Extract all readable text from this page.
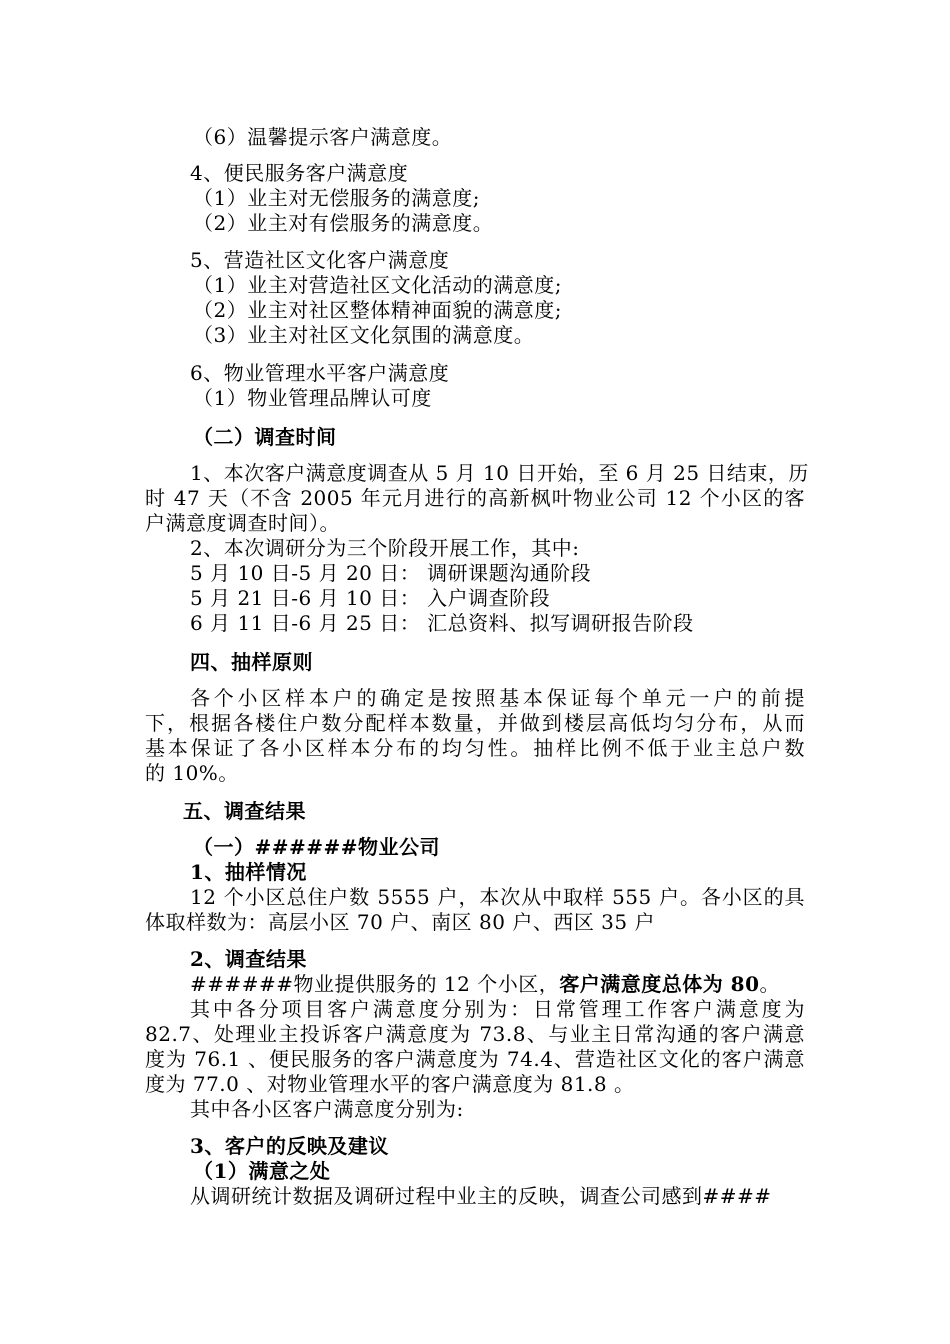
（6）温馨提示客户满意度。
4、便民服务客户满意度
（1）业主对无偿服务的满意度;
（2）业主对有偿服务的满意度。
5、营造社区文化客户满意度
（1）业主对营造社区文化活动的满意度;
（2）业主对社区整体精神面貌的满意度;
（3）业主对社区文化氛围的满意度。
6、物业管理水平客户满意度
（1）物业管理品牌认可度
（二）调查时间
1、本次客户满意度调查从 5 月 10 日开始，至 6 月 25 日结束，历
时 47 天（不含 2005 年元月进行的高新枫叶物业公司 12 个小区的客
户满意度调查时间）。
2、本次调研分为三个阶段开展工作，其中:
5 月 10 日-5 月 20 日： 调研课题沟通阶段
5 月 21 日-6 月 10 日： 入户调查阶段
6 月 11 日-6 月 25 日： 汇总资料、拟写调研报告阶段
四、抽样原则
各个小区样本户的确定是按照基本保证每个单元一户的前提
下，根据各楼住户数分配样本数量，并做到楼层高低均匀分布，从而
基本保证了各小区样本分布的均匀性。抽样比例不低于业主总户数
的 10%。
五、调查结果
（一）######物业公司
1、抽样情况
12 个小区总住户数 5555 户，本次从中取样 555 户。各小区的具
体取样数为：高层小区 70 户、南区 80 户、西区 35 户
2、调查结果
######物业提供服务的 12 个小区，客户满意度总体为 80。
其中各分项目客户满意度分别为：日常管理工作客户满意度为
82.7、处理业主投诉客户满意度为 73.8、与业主日常沟通的客户满意
度为 76.1 、便民服务的客户满意度为 74.4、营造社区文化的客户满意
度为 77.0 、对物业管理水平的客户满意度为 81.8 。
其中各小区客户满意度分别为:
3、客户的反映及建议
（1）满意之处
从调研统计数据及调研过程中业主的反映，调查公司感到####
